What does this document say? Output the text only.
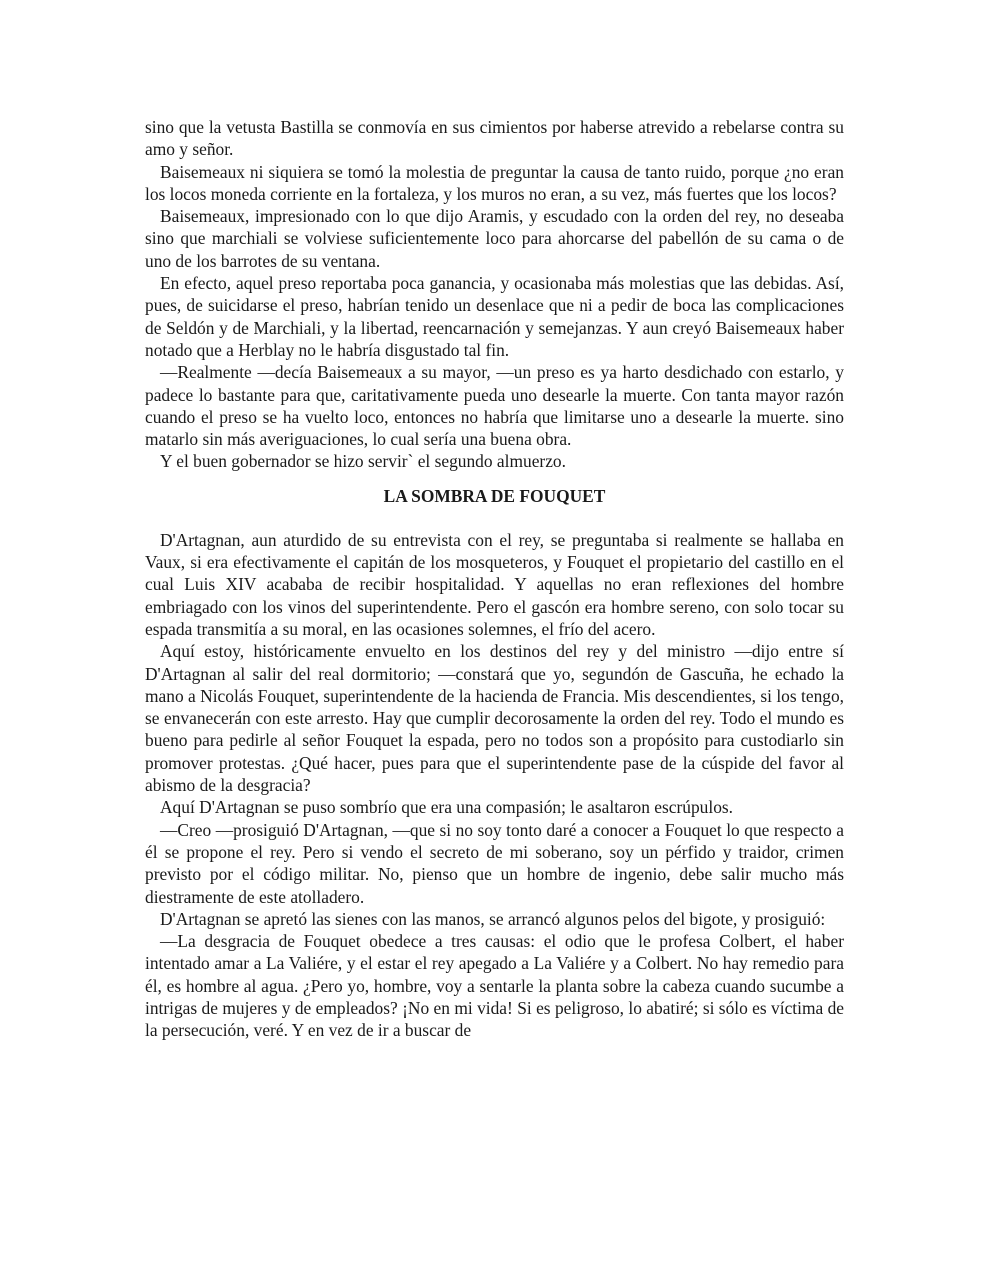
sino que la vetusta Bastilla se conmovía en sus cimientos por haberse atrevido a rebelarse contra su amo y señor.

Baisemeaux ni siquiera se tomó la molestia de preguntar la causa de tanto ruido, porque ¿no eran los locos moneda corriente en la fortaleza, y los muros no eran, a su vez, más fuertes que los locos?

Baisemeaux, impresionado con lo que dijo Aramis, y escudado con la orden del rey, no deseaba sino que marchiali se volviese suficientemente loco para ahorcarse del pabellón de su cama o de uno de los barrotes de su ventana.

En efecto, aquel preso reportaba poca ganancia, y ocasionaba más molestias que las debidas. Así, pues, de suicidarse el preso, habrían tenido un desenlace que ni a pedir de boca las complicaciones de Seldón y de Marchiali, y la libertad, reencarnación y semejanzas. Y aun creyó Baisemeaux haber notado que a Herblay no le habría disgustado tal fin.

—Realmente —decía Baisemeaux a su mayor, —un preso es ya harto desdichado con estarlo, y padece lo bastante para que, caritativamente pueda uno desearle la muerte. Con tanta mayor razón cuando el preso se ha vuelto loco, entonces no habría que limitarse uno a desearle la muerte. sino matarlo sin más averiguaciones, lo cual sería una buena obra.

Y el buen gobernador se hizo servir` el segundo almuerzo.

LA SOMBRA DE FOUQUET

D'Artagnan, aun aturdido de su entrevista con el rey, se preguntaba si realmente se hallaba en Vaux, si era efectivamente el capitán de los mosqueteros, y Fouquet el propietario del castillo en el cual Luis XIV acababa de recibir hospitalidad. Y aquellas no eran reflexiones del hombre embriagado con los vinos del superintendente. Pero el gascón era hombre sereno, con solo tocar su espada transmitía a su moral, en las ocasiones solemnes, el frío del acero.

Aquí estoy, históricamente envuelto en los destinos del rey y del ministro —dijo entre sí D'Artagnan al salir del real dormitorio; —constará que yo, segundón de Gascuña, he echado la mano a Nicolás Fouquet, superintendente de la hacienda de Francia. Mis descendientes, si los tengo, se envanecerán con este arresto. Hay que cumplir decorosamente la orden del rey. Todo el mundo es bueno para pedirle al señor Fouquet la espada, pero no todos son a propósito para custodiarlo sin promover protestas. ¿Qué hacer, pues para que el superintendente pase de la cúspide del favor al abismo de la desgracia?

Aquí D'Artagnan se puso sombrío que era una compasión; le asaltaron escrúpulos.

—Creo —prosiguió D'Artagnan, —que si no soy tonto daré a conocer a Fouquet lo que respecto a él se propone el rey. Pero si vendo el secreto de mi soberano, soy un pérfido y traidor, crimen previsto por el código militar. No, pienso que un hombre de ingenio, debe salir mucho más diestramente de este atolladero.

D'Artagnan se apretó las sienes con las manos, se arrancó algunos pelos del bigote, y prosiguió:

—La desgracia de Fouquet obedece a tres causas: el odio que le profesa Colbert, el haber intentado amar a La Valiére, y el estar el rey apegado a La Valiére y a Colbert. No hay remedio para él, es hombre al agua. ¿Pero yo, hombre, voy a sentarle la planta sobre la cabeza cuando sucumbe a intrigas de mujeres y de empleados? ¡No en mi vida! Si es peligroso, lo abatiré; si sólo es víctima de la persecución, veré. Y en vez de ir a buscar de
